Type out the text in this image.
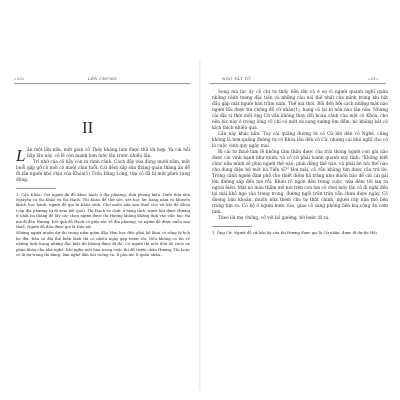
«20»	LÊN CHÙNG
II

Lần một lần nữa, một gian cô Thêy không làm được thử lời hợp. Và cái hồi hộp lần này, cô lẽ còn mạnh hơn mấy lần trước nhiều lần.

Trí nhớ của cô hãy còn in rành rành. Cách đây vừa đúng mười năm, một buổi gặp gỡ cô mới có mười chín tuổi. Cái đêm sắp sửa tháng quán thăng ăn để đi lần người khó chịu của Khóa(1) Trần Đăng Long, tim cô đã bị một phen rung động.

1. Cậu Khóa: Gọi người đã đỗ khoa hạch ở địa phương, thời phong kiến. Dưới thời nhà Nguyễn có thi Khảo và thi Hạch. Thi Khảo để thử sức, xét học lực hàng năm và khuyến khích học hành; người đỗ gọi là Khóa sinh. Cho miễn nửa sưu thuế cho tới khi đỗ Khóa (cấp địa phương tự đi xem kết quả). Thi Hạch và chức ở hàng tỉnh, trước khi được Hương ít nhất ba tháng để lấy các chọn người được thi Hương không không tính vào việc học thi mà đi đến Hương. Kết quả đỗ Hạch có giấy xác về địa phương, và người đỗ được miễn sưu thuế. Người đỗ đầu được gọi là Đầu xứ.

Những người muốn dự thi trong niên giám đậu Hàn học đều phải kê khai có sống lý lịch ba đời. Đâu có đời thế hiền lành thì có nhiều ngày gặp trước tôi. Nếu không có tín về những tình trạng những đặc biệt thì không được đi thi. Có người thì một thời lối cách ơn phần khóa cho nhà nghề. Khi nghe một hàn trong cuộc thi đổ trước chân Hương, Thi hoặc có lệ dự trong thi bằng, làm nghề dân hát tuồng ca, lí phu nữ, lí quân nhân...

NGỌ TẤT TỐ	«21»

Song mà lúc ấy cô chỉ tự thấy bẽn lẽn và e sợ vì người quanh nghĩ quân những cảnh tượng đặc tiền và những câu nói thế nhất của mình trong khi bắt đầu gặp mặt người bạn trăm năm. Thế mà thôi. Rồi đến bởi cách những mặt nào người lấu được tin chồng đỗ cử nhân(1), hang cô lại bị nôn nao lần nữa. Nhưng cái địa vị thời một ông Cử vẫn không thay đổi hoàn cảnh của một cô Khóa, cho nên lúc này ở trong lòng cô chỉ có một sự sung sướng êm đềm, nó không bắt cô kích thích nhiều quá.

Lần này khác hẳn. Tuy cái quãng đường từ cô Cử lên đến cô Nghè, cũng không là hơn quãng đường từ cô Khóa lên đến cô Cử, nhưng cái khó nghĩ cho cô là cuộc vinh quy ngày mai.

Bị cái tư thuở tâm lẽ không tâm thân được của trái thông người con gái nào được cái vinh hạnh như mình, và cô cử phải loanh quanh suy tính: "Không biết chức nữa mình sẽ phải người thế nào, phải đứng thế nào, và phải ăn nói thế nào cho đúng điệu bộ một bà Tiến sĩ?" Hơi mãi, cô vẫn không tìm được câu trả lời. Trông cảnh người đằm phố cho thiết điềm hả trăng như muốn báo để cắt cái gái lớn đường sắp đến nơi rồi. Khứu rõ ngon đèn trong cuộc, nửa đêm tối lan ra ngoài hiên. Mặt nó màu thẫm mồ mờ trên con lợn cô chơi mấy lần cô đi nghĩ đến lại mái khô ngó vào trong trong, đường ngồi trên trán vẫn chưa được ngày. Cô đương bán khoán, muốn nửa thèm cho tự thật chính, người ráp nữa mở bên trong tim ra. Có bộ ở người bước vào, giao cô sang phòng bên kia công ăn cơm tam.

Theo lời mẹ chồng, cô với bỏ giường, bờ bước đi ra.

1. Ông Cử: Người đỗ cử hồn kỳ của thi Hương được gọi là Cử nhân, được đi dự thi Hội.
